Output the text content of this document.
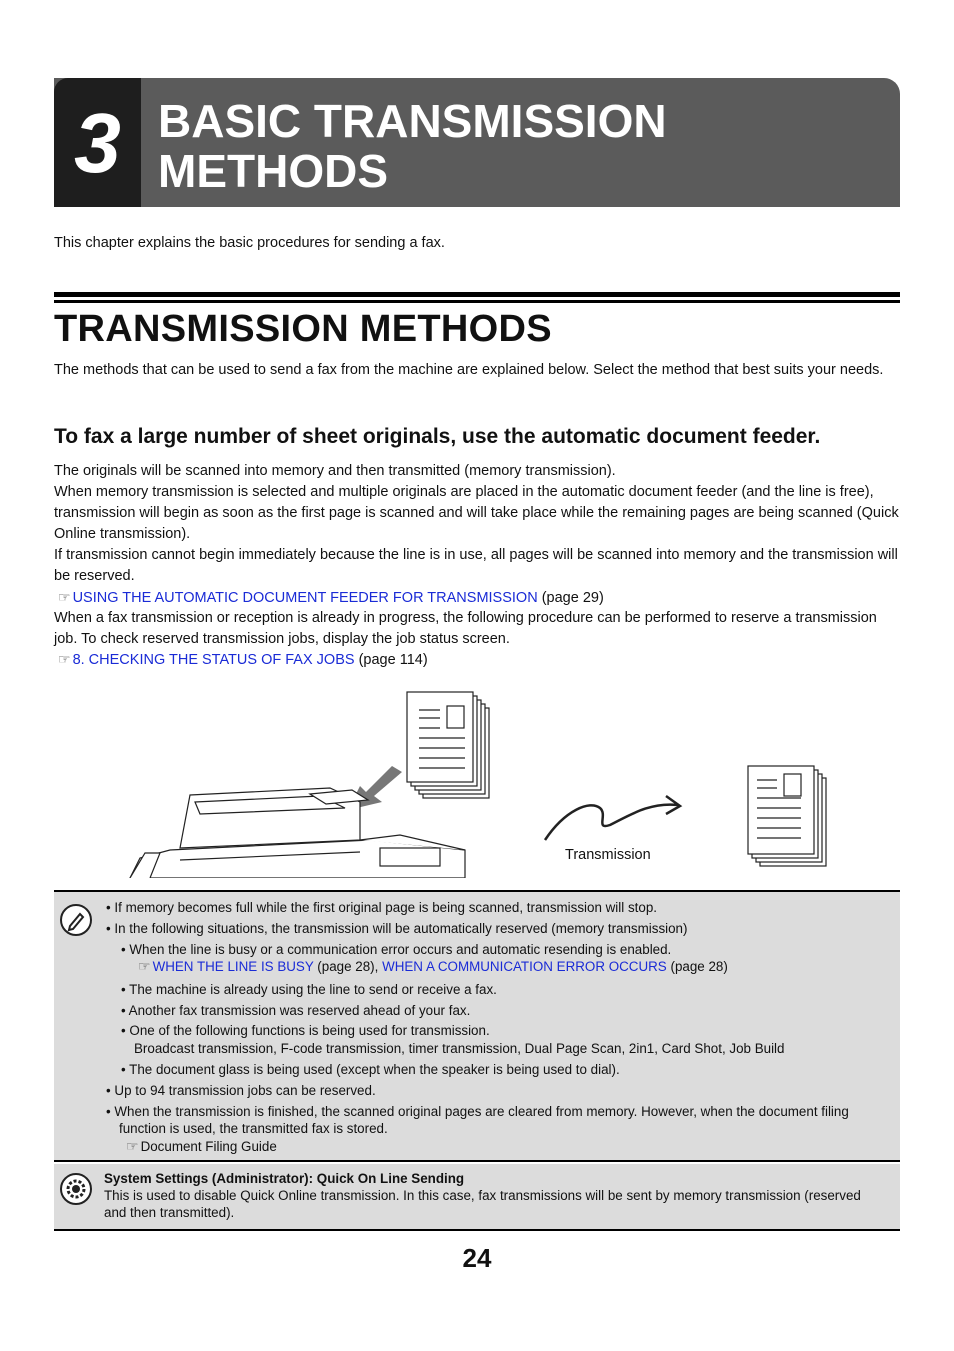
3 BASIC TRANSMISSION METHODS
This chapter explains the basic procedures for sending a fax.
TRANSMISSION METHODS
The methods that can be used to send a fax from the machine are explained below. Select the method that best suits your needs.
To fax a large number of sheet originals, use the automatic document feeder.
The originals will be scanned into memory and then transmitted (memory transmission).
When memory transmission is selected and multiple originals are placed in the automatic document feeder (and the line is free), transmission will begin as soon as the first page is scanned and will take place while the remaining pages are being scanned (Quick Online transmission).
If transmission cannot begin immediately because the line is in use, all pages will be scanned into memory and the transmission will be reserved.
☞ USING THE AUTOMATIC DOCUMENT FEEDER FOR TRANSMISSION (page 29)
When a fax transmission or reception is already in progress, the following procedure can be performed to reserve a transmission job. To check reserved transmission jobs, display the job status screen.
☞ 8. CHECKING THE STATUS OF FAX JOBS (page 114)
Transmission
• If memory becomes full while the first original page is being scanned, transmission will stop.
• In the following situations, the transmission will be automatically reserved (memory transmission)
• When the line is busy or a communication error occurs and automatic resending is enabled.
☞ WHEN THE LINE IS BUSY (page 28), WHEN A COMMUNICATION ERROR OCCURS (page 28)
• The machine is already using the line to send or receive a fax.
• Another fax transmission was reserved ahead of your fax.
• One of the following functions is being used for transmission.
Broadcast transmission, F-code transmission, timer transmission, Dual Page Scan, 2in1, Card Shot, Job Build
• The document glass is being used (except when the speaker is being used to dial).
• Up to 94 transmission jobs can be reserved.
• When the transmission is finished, the scanned original pages are cleared from memory. However, when the document filing function is used, the transmitted fax is stored.
☞ Document Filing Guide
System Settings (Administrator): Quick On Line Sending
This is used to disable Quick Online transmission. In this case, fax transmissions will be sent by memory transmission (reserved and then transmitted).
24
